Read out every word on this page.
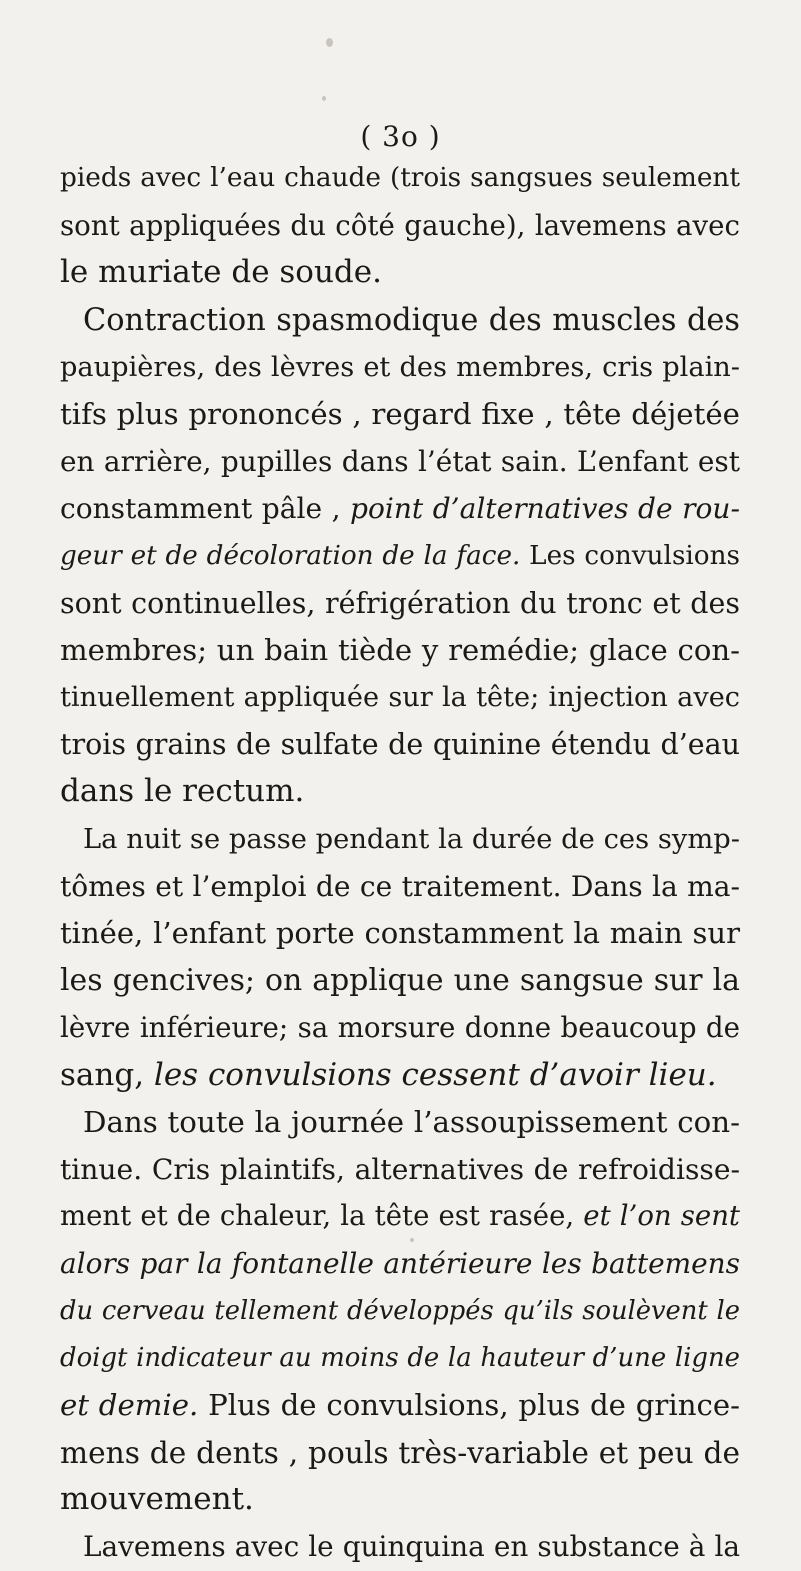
( 3o )
pieds avec l’eau chaude (trois sangsues seulement
sont appliquées du côté gauche), lavemens avec
le muriate de soude.
Contraction spasmodique des muscles des
paupières, des lèvres et des membres, cris plain-
tifs plus prononcés , regard fixe , tête déjetée
en arrière, pupilles dans l’état sain. L’enfant est
constamment pâle , point d’alternatives de rou-
geur et de décoloration de la face. Les convulsions
sont continuelles, réfrigération du tronc et des
membres; un bain tiède y remédie; glace con-
tinuellement appliquée sur la tête; injection avec
trois grains de sulfate de quinine étendu d’eau
dans le rectum.
La nuit se passe pendant la durée de ces symp-
tômes et l’emploi de ce traitement. Dans la ma-
tinée, l’enfant porte constamment la main sur
les gencives; on applique une sangsue sur la
lèvre inférieure; sa morsure donne beaucoup de
sang, les convulsions cessent d’avoir lieu.
Dans toute la journée l’assoupissement con-
tinue. Cris plaintifs, alternatives de refroidisse-
ment et de chaleur, la tête est rasée, et l’on sent
alors par la fontanelle antérieure les battemens
du cerveau tellement développés qu’ils soulèvent le
doigt indicateur au moins de la hauteur d’une ligne
et demie. Plus de convulsions, plus de grince-
mens de dents , pouls très-variable et peu de
mouvement.
Lavemens avec le quinquina en substance à la
